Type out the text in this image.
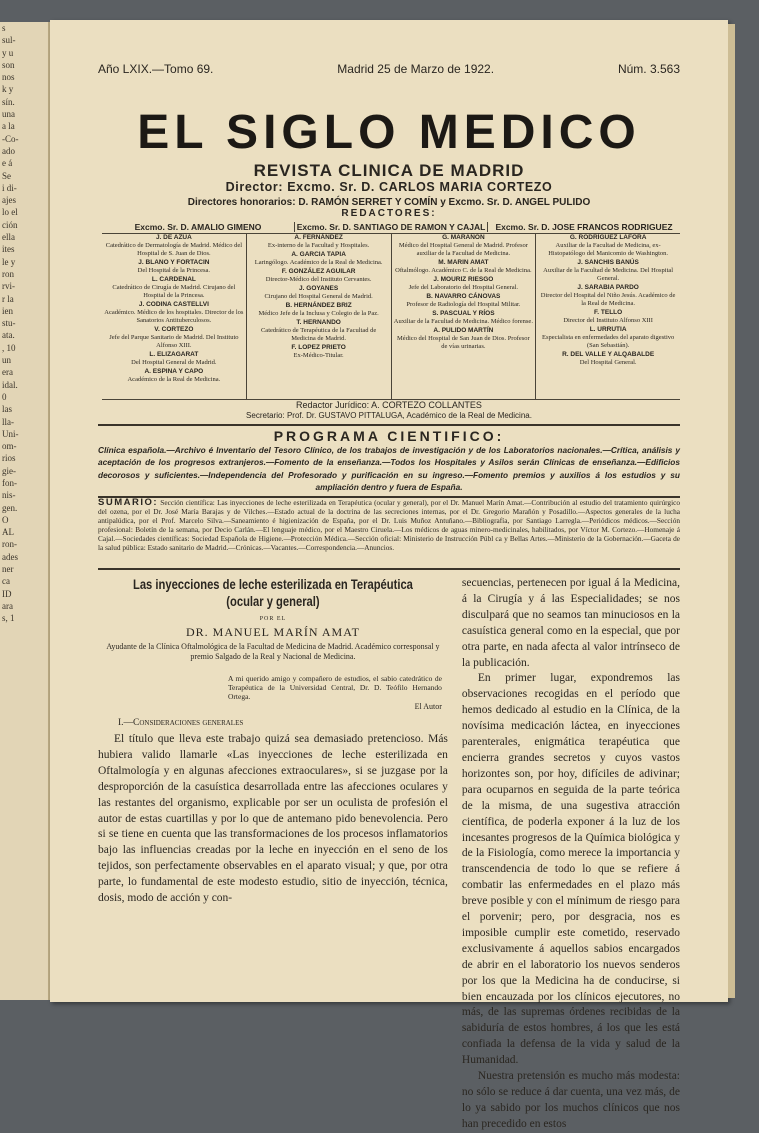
s
sul-
y u
son
nos
k y
sín.
una
a la
-Co-
ado
e á
Se
i di-
ajes
lo el
ción
ella
ites
le y
ron
rvi-
r la
ien
stu-
ata.
, 10
un
era
idal.
0
las
lla-
Uni-
om-
rios
gie-
fon-
nis-
gen.
O
AL
ron-
ades
ner
ca
ID
ara
s, 1
Año LXIX.—Tomo 69.	Madrid 25 de Marzo de 1922.	Núm. 3.563
EL SIGLO MEDICO
REVISTA CLINICA DE MADRID
Director: Excmo. Sr. D. CARLOS MARIA CORTEZO
Directores honorarios: D. RAMÓN SERRET Y COMÍN y Excmo. Sr. D. ANGEL PULIDO
REDACTORES:
Excmo. Sr. D. AMALIO GIMENO	Excmo. Sr. D. SANTIAGO DE RAMON Y CAJAL	Excmo. Sr. D. JOSE FRANCOS RODRIGUEZ
J. DE AZÚA
Catedrático de Dermatología de Madrid. Médico del Hospital de S. Juan de Dios.
J. BLANO Y FORTACIN
Del Hospital de la Princesa.
L. CARDENAL
Catedrático de Cirugía de Madrid. Cirujano del Hospital de la Princesa.
J. CODINA CASTELLVI
Académico. Médico de los hospitales. Director de los Sanatorios Antituberculosos.
V. CORTEZO
Jefe del Parque Sanitario de Madrid. Del Instituto Alfonso XIII.
L. ELIZAGARAT
Del Hospital General de Madrid.
A. ESPINA Y CAPO
Académico de la Real de Medicina.
A. FERNÁNDEZ
Ex-interno de la Facultad y Hospitales.
A. GARCIA TAPIA
Laringólogo. Académico de la Real de Medicina.
F. GONZÁLEZ AGUILAR
Director-Médico del Instituto Cervantes.
J. GOYANES
Cirujano del Hospital General de Madrid.
B. HERNÁNDEZ BRIZ
Médico Jefe de la Inclusa y Colegio de la Paz.
T. HERNANDO
Catedrático de Terapéutica de la Facultad de Medicina de Madrid.
F. LOPEZ PRIETO
Ex-Médico-Titular.
G. MARAÑÓN
Médico del Hospital General de Madrid. Profesor auxiliar de la Facultad de Medicina.
M. MARIN AMAT
Oftalmólogo. Académico C. de la Real de Medicina.
J. MOURIZ RIESGO
Jefe del Laboratorio del Hospital General.
B. NAVARRO CÁNOVAS
Profesor de Radiología del Hospital Militar.
S. PASCUAL Y RÍOS
Auxiliar de la Facultad de Medicina. Médico forense.
A. PULIDO MARTÍN
Médico del Hospital de San Juan de Dios. Profesor de vías urinarias.
G. RODRÍGUEZ LAFORA
Auxiliar de la Facultad de Medicina, ex-Histopatólogo del Manicomio de Washington.
J. SANCHIS BANÚS
Auxiliar de la Facultad de Medicina. Del Hospital General.
J. SARABIA PARDO
Director del Hospital del Niño Jesús. Académico de la Real de Medicina.
F. TELLO
Director del Instituto Alfonso XIII
L. URRUTIA
Especialista en enfermedades del aparato digestivo (San Sebastián).
R. DEL VALLE Y ALQABALDE
Del Hospital General.
Redactor Jurídico: A. CORTEZO COLLANTES
Secretario: Prof. Dr. GUSTAVO PITTALUGA, Académico de la Real de Medicina.
PROGRAMA CIENTIFICO:
Clínica española.—Archivo é Inventario del Tesoro Clínico, de los trabajos de investigación y de los Laboratorios nacionales.—Crítica, análisis y aceptación de los progresos extranjeros.—Fomento de la enseñanza.—Todos los Hospitales y Asilos serán Clínicas de enseñanza.—Edificios decorosos y suficientes.—Independencia del Profesorado y purificación en su ingreso.—Fomento premios y auxilios á los estudios y su ampliación dentro y fuera de España.
SUMARIO: Sección científica: Las inyecciones de leche esterilizada en Terapéutica (ocular y general), por el Dr. Manuel Marín Amat.—Contribución al estudio del tratamiento quirúrgico del ozena, por el Dr. José María Barajas y de Vilches.—Estado actual de la doctrina de las secreciones internas, por el Dr. Gregorio Marañón y Posadillo.—Aspectos generales de la lucha antipalúdica, por el Prof. Marcelo Silva.—Saneamiento é higienización de España, por el Dr. Luis Muñoz Antuñano.—Bibliografía, por Santiago Larregla.—Periódicos médicos.—Sección profesional: Boletín de la semana, por Decio Carlán.—El lenguaje médico, por el Maestro Ciruela.—Los médicos de aguas minero-medicinales, habilitados, por Víctor M. Cortezo.—Homenaje á Cajal.—Sociedades científicas: Sociedad Española de Higiene.—Protección Médica.—Sección oficial: Ministerio de Instrucción Públ ca y Bellas Artes.—Ministerio de la Gobernación.—Gaceta de la salud pública: Estado sanitario de Madrid.—Crónicas.—Vacantes.—Correspondencia.—Anuncios.
Las inyecciones de leche esterilizada en Terapéutica
(ocular y general)
POR EL
DR. MANUEL MARÍN AMAT
Ayudante de la Clínica Oftalmológica de la Facultad de Medicina de Madrid. Académico corresponsal y premio Salgado de la Real y Nacional de Medicina.
A mi querido amigo y compañero de estudios, el sabio catedrático de Terapéutica de la Universidad Central, Dr. D. Teófilo Hernando Ortega.
El Autor
I.—Consideraciones generales

El título que lleva este trabajo quizá sea demasiado pretencioso. Más hubiera valido llamarle «Las inyecciones de leche esterilizada en Oftalmología y en algunas afecciones extraoculares», si se juzgase por la desproporción de la casuística desarrollada entre las afecciones oculares y las restantes del organismo, explicable por ser un oculista de profesión el autor de estas cuartillas y por lo que de antemano pido benevolencia. Pero si se tiene en cuenta que las transformaciones de los procesos inflamatorios bajo las influencias creadas por la leche en inyección en el seno de los tejidos, son perfectamente observables en el aparato visual; y que, por otra parte, lo fundamental de este modesto estudio, sitio de inyección, técnica, dosis, modo de acción y con-

secuencias, pertenecen por igual á la Medicina, á la Cirugía y á las Especialidades; se nos disculpará que no seamos tan minuciosos en la casuística general como en la especial, que por otra parte, en nada afecta al valor intrínseco de la publicación.

En primer lugar, expondremos las observaciones recogidas en el período que hemos dedicado al estudio en la Clínica, de la novísima medicación láctea, en inyecciones parenterales, enigmática terapéutica que encierra grandes secretos y cuyos vastos horizontes son, por hoy, difíciles de adivinar; para ocuparnos en seguida de la parte teórica de la misma, de una sugestiva atracción científica, de poderla exponer á la luz de los incesantes progresos de la Química biológica y de la Fisiología, como merece la importancia y transcendencia de todo lo que se refiere á combatir las enfermedades en el plazo más breve posible y con el mínimum de riesgo para el porvenir; pero, por desgracia, nos es imposible cumplir este cometido, reservado exclusivamente á aquellos sabios encargados de abrir en el laboratorio los nuevos senderos por los que la Medicina ha de conducirse, si bien encauzada por los clínicos ejecutores, no más, de las supremas órdenes recibidas de la sabiduría de estos hombres, á los que les está confiada la defensa de la vida y salud de la Humanidad.

Nuestra pretensión es mucho más modesta: no sólo se reduce á dar cuenta, una vez más, de lo ya sabido por los muchos clínicos que nos han precedido en estos
